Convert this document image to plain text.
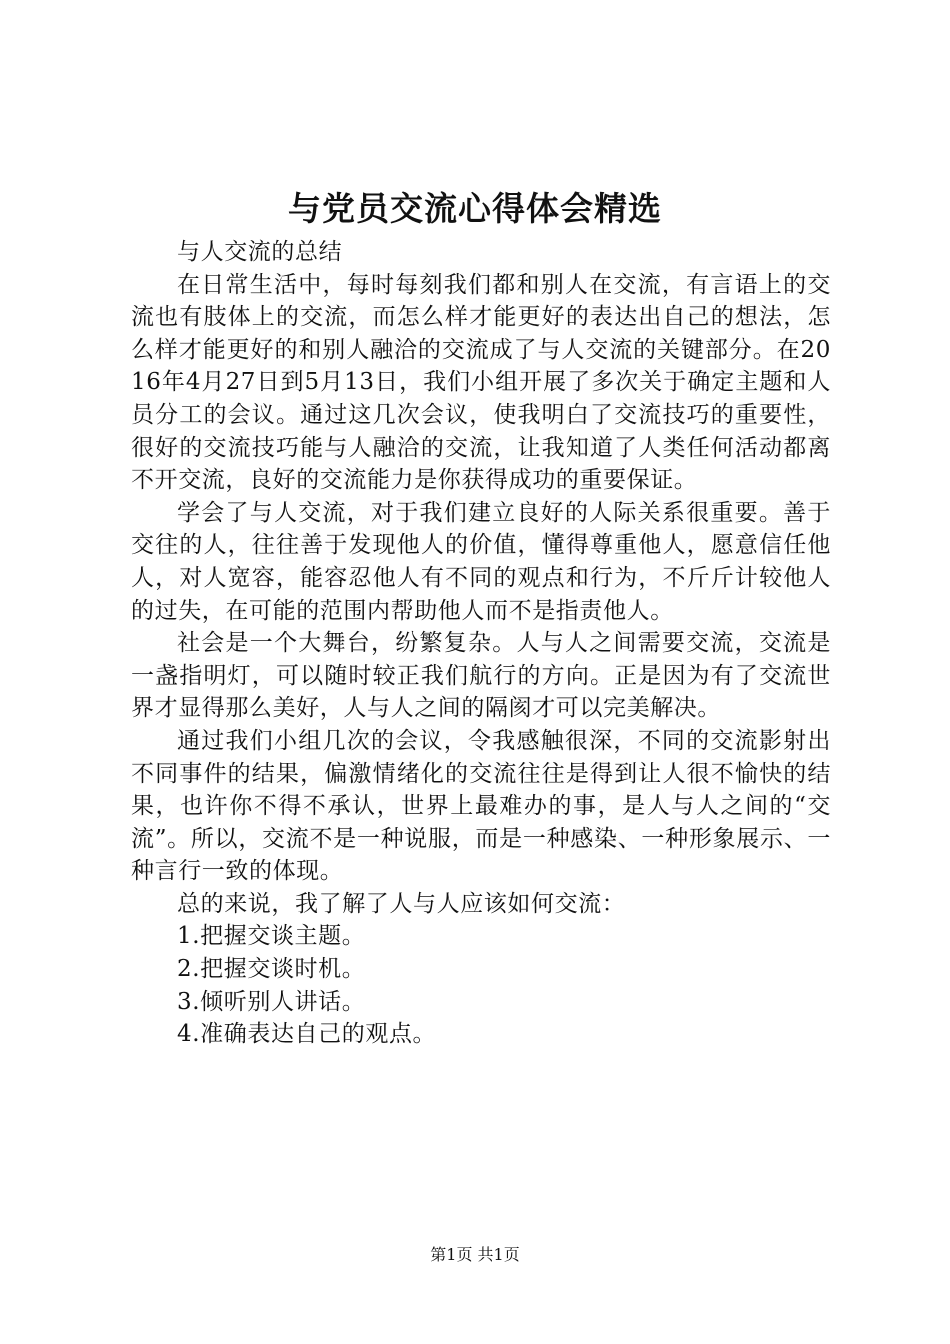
与党员交流心得体会精选

与人交流的总结

在日常生活中，每时每刻我们都和别人在交流，有言语上的交流也有肢体上的交流，而怎么样才能更好的表达出自己的想法，怎么样才能更好的和别人融洽的交流成了与人交流的关键部分。在2016年4月27日到5月13日，我们小组开展了多次关于确定主题和人员分工的会议。通过这几次会议，使我明白了交流技巧的重要性，很好的交流技巧能与人融洽的交流，让我知道了人类任何活动都离不开交流，良好的交流能力是你获得成功的重要保证。

学会了与人交流，对于我们建立良好的人际关系很重要。善于交往的人，往往善于发现他人的价值，懂得尊重他人，愿意信任他人，对人宽容，能容忍他人有不同的观点和行为，不斤斤计较他人的过失，在可能的范围内帮助他人而不是指责他人。

社会是一个大舞台，纷繁复杂。人与人之间需要交流，交流是一盏指明灯，可以随时较正我们航行的方向。正是因为有了交流世界才显得那么美好，人与人之间的隔阂才可以完美解决。

通过我们小组几次的会议，令我感触很深，不同的交流影射出不同事件的结果，偏激情绪化的交流往往是得到让人很不愉快的结果，也许你不得不承认，世界上最难办的事，是人与人之间的“交流”。所以，交流不是一种说服，而是一种感染、一种形象展示、一种言行一致的体现。

总的来说，我了解了人与人应该如何交流：

1.把握交谈主题。

2.把握交谈时机。

3.倾听别人讲话。

4.准确表达自己的观点。

第1页 共1页
